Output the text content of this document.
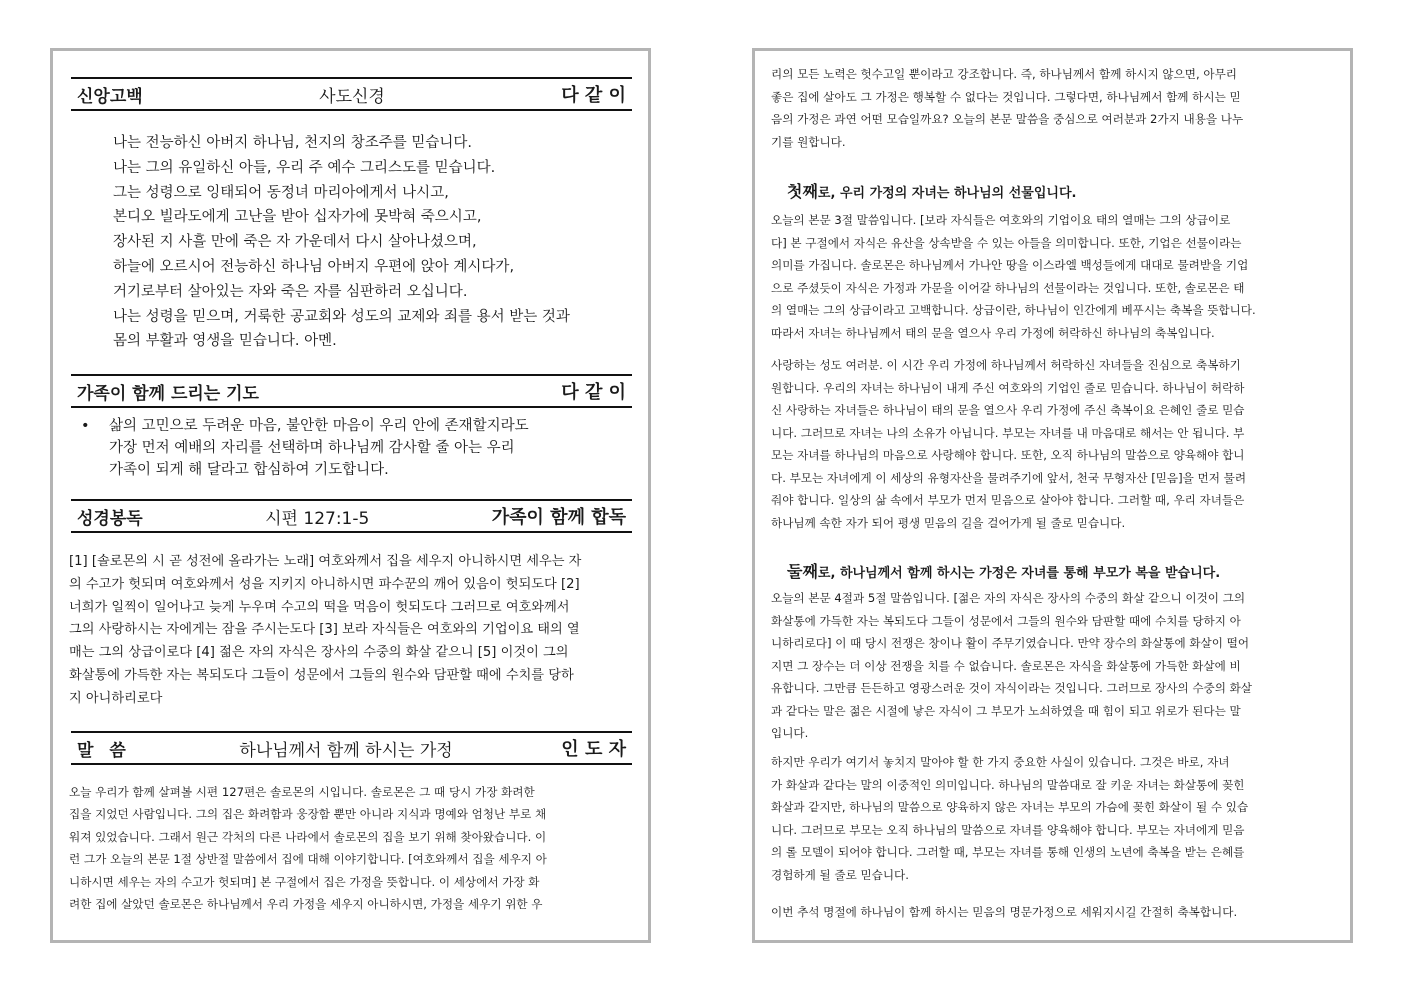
신앙고백	사도신경	다 같 이
나는 전능하신 아버지 하나님, 천지의 창조주를 믿습니다.
나는 그의 유일하신 아들, 우리 주 예수 그리스도를 믿습니다.
그는 성령으로 잉태되어 동정녀 마리아에게서 나시고,
본디오 빌라도에게 고난을 받아 십자가에 못박혀 죽으시고,
장사된 지 사흘 만에 죽은 자 가운데서 다시 살아나셨으며,
하늘에 오르시어 전능하신 하나님 아버지 우편에 앉아 계시다가,
거기로부터 살아있는 자와 죽은 자를 심판하러 오십니다.
나는 성령을 믿으며, 거룩한 공교회와 성도의 교제와 죄를 용서 받는 것과
몸의 부활과 영생을 믿습니다. 아멘.
가족이 함께 드리는 기도	다 같 이
•	삶의 고민으로 두려운 마음, 불안한 마음이 우리 안에 존재할지라도
가장 먼저 예배의 자리를 선택하며 하나님께 감사할 줄 아는 우리
가족이 되게 해 달라고 합심하여 기도합니다.
성경봉독	시편 127:1-5	가족이 함께 합독
[1] [솔로몬의 시 곧 성전에 올라가는 노래] 여호와께서 집을 세우지 아니하시면 세우는 자
의 수고가 헛되며 여호와께서 성을 지키지 아니하시면 파수꾼의 깨어 있음이 헛되도다 [2]
너희가 일찍이 일어나고 늦게 누우며 수고의 떡을 먹음이 헛되도다 그러므로 여호와께서
그의 사랑하시는 자에게는 잠을 주시는도다 [3] 보라 자식들은 여호와의 기업이요 태의 열
매는 그의 상급이로다 [4] 젊은 자의 자식은 장사의 수중의 화살 같으니 [5] 이것이 그의
화살통에 가득한 자는 복되도다 그들이 성문에서 그들의 원수와 담판할 때에 수치를 당하
지 아니하리로다
말 씀	하나님께서 함께 하시는 가정	인 도 자
오늘 우리가 함께 살펴볼 시편 127편은 솔로몬의 시입니다. 솔로몬은 그 때 당시 가장 화려한
집을 지었던 사람입니다. 그의 집은 화려함과 웅장함 뿐만 아니라 지식과 명예와 엄청난 부로 채
워져 있었습니다. 그래서 원근 각처의 다른 나라에서 솔로몬의 집을 보기 위해 찾아왔습니다. 이
런 그가 오늘의 본문 1절 상반절 말씀에서 집에 대해 이야기합니다. [여호와께서 집을 세우지 아
니하시면 세우는 자의 수고가 헛되며] 본 구절에서 집은 가정을 뜻합니다. 이 세상에서 가장 화
려한 집에 살았던 솔로몬은 하나님께서 우리 가정을 세우지 아니하시면, 가정을 세우기 위한 우
리의 모든 노력은 헛수고일 뿐이라고 강조합니다. 즉, 하나님께서 함께 하시지 않으면, 아무리
좋은 집에 살아도 그 가정은 행복할 수 없다는 것입니다. 그렇다면, 하나님께서 함께 하시는 믿
음의 가정은 과연 어떤 모습일까요? 오늘의 본문 말씀을 중심으로 여러분과 2가지 내용을 나누
기를 원합니다.
첫째로, 우리 가정의 자녀는 하나님의 선물입니다.
오늘의 본문 3절 말씀입니다. [보라 자식들은 여호와의 기업이요 태의 열매는 그의 상급이로
다] 본 구절에서 자식은 유산을 상속받을 수 있는 아들을 의미합니다. 또한, 기업은 선물이라는
의미를 가집니다. 솔로몬은 하나님께서 가나안 땅을 이스라엘 백성들에게 대대로 물려받을 기업
으로 주셨듯이 자식은 가정과 가문을 이어갈 하나님의 선물이라는 것입니다. 또한, 솔로몬은 태
의 열매는 그의 상급이라고 고백합니다. 상급이란, 하나님이 인간에게 베푸시는 축복을 뜻합니다.
따라서 자녀는 하나님께서 태의 문을 열으사 우리 가정에 허락하신 하나님의 축복입니다.
사랑하는 성도 여러분. 이 시간 우리 가정에 하나님께서 허락하신 자녀들을 진심으로 축복하기
원합니다. 우리의 자녀는 하나님이 내게 주신 여호와의 기업인 줄로 믿습니다. 하나님이 허락하
신 사랑하는 자녀들은 하나님이 태의 문을 열으사 우리 가정에 주신 축복이요 은혜인 줄로 믿습
니다. 그러므로 자녀는 나의 소유가 아닙니다. 부모는 자녀를 내 마음대로 해서는 안 됩니다. 부
모는 자녀를 하나님의 마음으로 사랑해야 합니다. 또한, 오직 하나님의 말씀으로 양육해야 합니
다. 부모는 자녀에게 이 세상의 유형자산을 물려주기에 앞서, 천국 무형자산 [믿음]을 먼저 물려
줘야 합니다. 일상의 삶 속에서 부모가 먼저 믿음으로 살아야 합니다. 그러할 때, 우리 자녀들은
하나님께 속한 자가 되어 평생 믿음의 길을 걸어가게 될 줄로 믿습니다.
둘째로, 하나님께서 함께 하시는 가정은 자녀를 통해 부모가 복을 받습니다.
오늘의 본문 4절과 5절 말씀입니다. [젊은 자의 자식은 장사의 수중의 화살 같으니 이것이 그의
화살통에 가득한 자는 복되도다 그들이 성문에서 그들의 원수와 담판할 때에 수치를 당하지 아
니하리로다] 이 때 당시 전쟁은 창이나 활이 주무기였습니다. 만약 장수의 화살통에 화살이 떨어
지면 그 장수는 더 이상 전쟁을 치를 수 없습니다. 솔로몬은 자식을 화살통에 가득한 화살에 비
유합니다. 그만큼 든든하고 영광스러운 것이 자식이라는 것입니다. 그러므로 장사의 수중의 화살
과 같다는 말은 젊은 시절에 낳은 자식이 그 부모가 노쇠하였을 때 힘이 되고 위로가 된다는 말
입니다.
하지만 우리가 여기서 놓치지 말아야 할 한 가지 중요한 사실이 있습니다. 그것은 바로, 자녀
가 화살과 같다는 말의 이중적인 의미입니다. 하나님의 말씀대로 잘 키운 자녀는 화살통에 꽂힌
화살과 같지만, 하나님의 말씀으로 양육하지 않은 자녀는 부모의 가슴에 꽂힌 화살이 될 수 있습
니다. 그러므로 부모는 오직 하나님의 말씀으로 자녀를 양육해야 합니다. 부모는 자녀에게 믿음
의 롤 모델이 되어야 합니다. 그러할 때, 부모는 자녀를 통해 인생의 노년에 축복을 받는 은혜를
경험하게 될 줄로 믿습니다.
이번 추석 명절에 하나님이 함께 하시는 믿음의 명문가정으로 세워지시길 간절히 축복합니다.
